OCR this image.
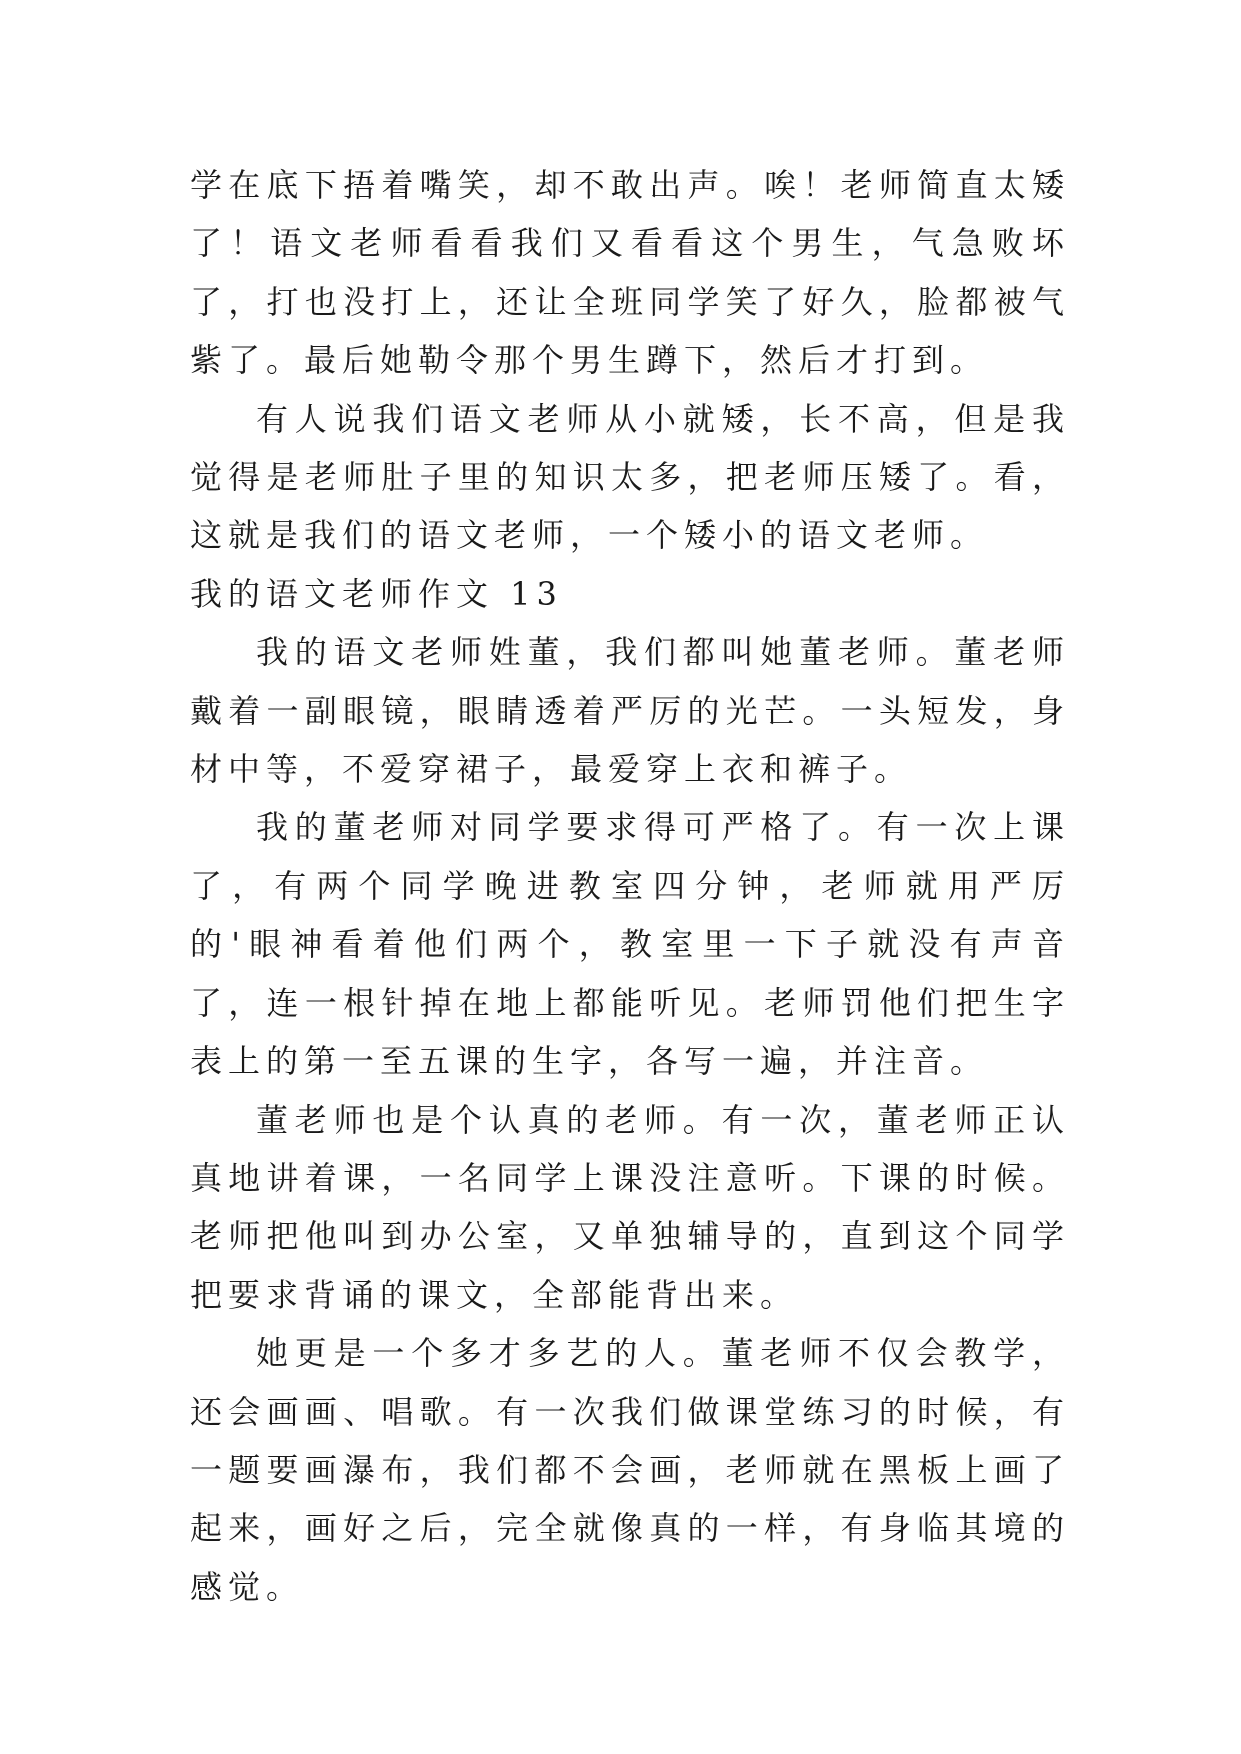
学在底下捂着嘴笑，却不敢出声。唉！老师简直太矮了！语文老师看看我们又看看这个男生，气急败坏了，打也没打上，还让全班同学笑了好久，脸都被气紫了。最后她勒令那个男生蹲下，然后才打到。

有人说我们语文老师从小就矮，长不高，但是我觉得是老师肚子里的知识太多，把老师压矮了。看，这就是我们的语文老师，一个矮小的语文老师。

我的语文老师作文 13

我的语文老师姓董，我们都叫她董老师。董老师戴着一副眼镜，眼睛透着严厉的光芒。一头短发，身材中等，不爱穿裙子，最爱穿上衣和裤子。

我的董老师对同学要求得可严格了。有一次上课了，有两个同学晚进教室四分钟，老师就用严厉的'眼神看着他们两个，教室里一下子就没有声音了，连一根针掉在地上都能听见。老师罚他们把生字表上的第一至五课的生字，各写一遍，并注音。

董老师也是个认真的老师。有一次，董老师正认真地讲着课，一名同学上课没注意听。下课的时候。老师把他叫到办公室，又单独辅导的，直到这个同学把要求背诵的课文，全部能背出来。

她更是一个多才多艺的人。董老师不仅会教学，还会画画、唱歌。有一次我们做课堂练习的时候，有一题要画瀑布，我们都不会画，老师就在黑板上画了起来，画好之后，完全就像真的一样，有身临其境的感觉。
